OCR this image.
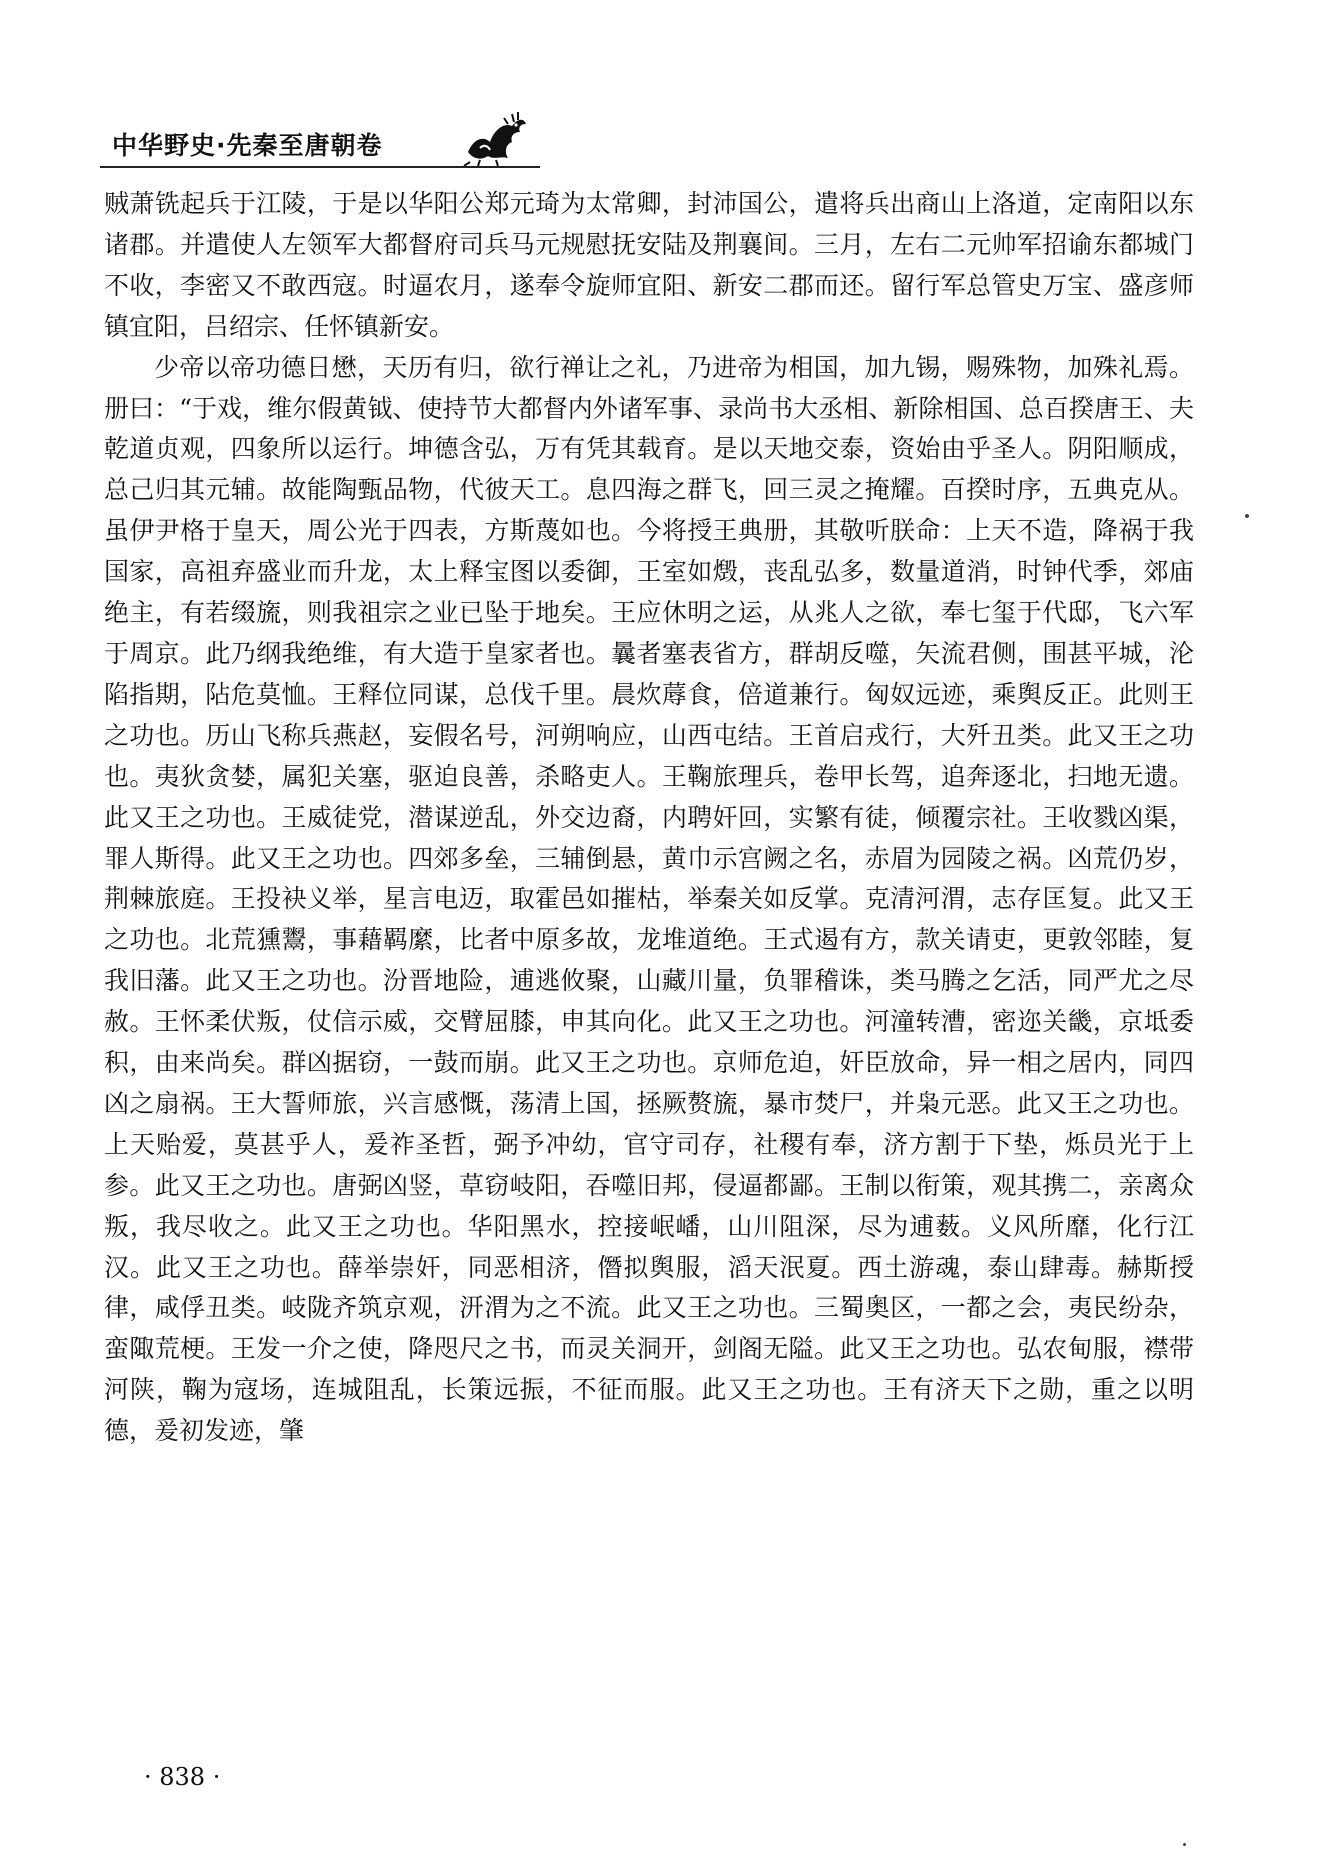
中华野史·先秦至唐朝卷

贼萧铣起兵于江陵，于是以华阳公郑元琦为太常卿，封沛国公，遣将兵出商山上洛道，定南阳以东诸郡。并遣使人左领军大都督府司兵马元规慰抚安陆及荆襄间。三月，左右二元帅军招谕东都城门不收，李密又不敢西寇。时逼农月，遂奉令旋师宜阳、新安二郡而还。留行军总管史万宝、盛彦师镇宜阳，吕绍宗、任怀镇新安。

少帝以帝功德日懋，天历有归，欲行禅让之礼，乃进帝为相国，加九锡，赐殊物，加殊礼焉。册曰：“于戏，维尔假黄钺、使持节大都督内外诸军事、录尚书大丞相、新除相国、总百揆唐王、夫乾道贞观，四象所以运行。坤德含弘，万有凭其载育。是以天地交泰，资始由乎圣人。阴阳顺成，总己归其元辅。故能陶甄品物，代彼天工。息四海之群飞，回三灵之掩耀。百揆时序，五典克从。虽伊尹格于皇天，周公光于四表，方斯蔑如也。今将授王典册，其敬听朕命：上天不造，降祸于我国家，高祖弃盛业而升龙，太上释宝图以委御，王室如燬，丧乱弘多，数量道消，时钟代季，郊庙绝主，有若缀旒，则我祖宗之业已坠于地矣。王应休明之运，从兆人之欲，奉七玺于代邸，飞六军于周京。此乃纲我绝维，有大造于皇家者也。曩者塞表省方，群胡反噬，矢流君侧，围甚平城，沦陷指期，阽危莫恤。王释位同谋，总伐千里。晨炊蓐食，倍道兼行。匈奴远迹，乘舆反正。此则王之功也。历山飞称兵燕赵，妄假名号，河朔响应，山西屯结。王首启戎行，大歼丑类。此又王之功也。夷狄贪婪，属犯关塞，驱迫良善，杀略吏人。王鞠旅理兵，卷甲长驾，追奔逐北，扫地无遗。此又王之功也。王威徒党，潜谋逆乱，外交边裔，内聘奸回，实繁有徒，倾覆宗社。王收戮凶渠，罪人斯得。此又王之功也。四郊多垒，三辅倒悬，黄巾示宫阙之名，赤眉为园陵之祸。凶荒仍岁，荆棘旅庭。王投袂义举，星言电迈，取霍邑如摧枯，举秦关如反掌。克清河渭，志存匡复。此又王之功也。北荒獯鬻，事藉羁縻，比者中原多故，龙堆道绝。王式遏有方，款关请吏，更敦邻睦，复我旧藩。此又王之功也。汾晋地险，逋逃攸聚，山藏川量，负罪稽诛，类马腾之乞活，同严尤之尽赦。王怀柔伏叛，仗信示威，交臂屈膝，申其向化。此又王之功也。河潼转漕，密迩关畿，京坻委积，由来尚矣。群凶据窃，一鼓而崩。此又王之功也。京师危迫，奸臣放命，异一相之居内，同四凶之扇祸。王大誓师旅，兴言感慨，荡清上国，拯厥赘旒，暴市焚尸，并枭元恶。此又王之功也。上天贻爱，莫甚乎人，爰祚圣哲，弼予冲幼，官守司存，社稷有奉，济方割于下垫，烁员光于上参。此又王之功也。唐弼凶竖，草窃岐阳，吞噬旧邦，侵逼都鄙。王制以衔策，观其携二，亲离众叛，我尽收之。此又王之功也。华阳黑水，控接岷嶓，山川阻深，尽为逋薮。义风所靡，化行江汉。此又王之功也。薛举崇奸，同恶相济，僭拟舆服，滔天泯夏。西土游魂，泰山肆毒。赫斯授律，咸俘丑类。岐陇齐筑京观，汧渭为之不流。此又王之功也。三蜀奥区，一都之会，夷民纷杂，蛮陬荒梗。王发一介之使，降咫尺之书，而灵关洞开，剑阁无隘。此又王之功也。弘农甸服，襟带河陕，鞠为寇场，连城阻乱，长策远振，不征而服。此又王之功也。王有济天下之勋，重之以明德，爰初发迹，肇

· 838 ·
